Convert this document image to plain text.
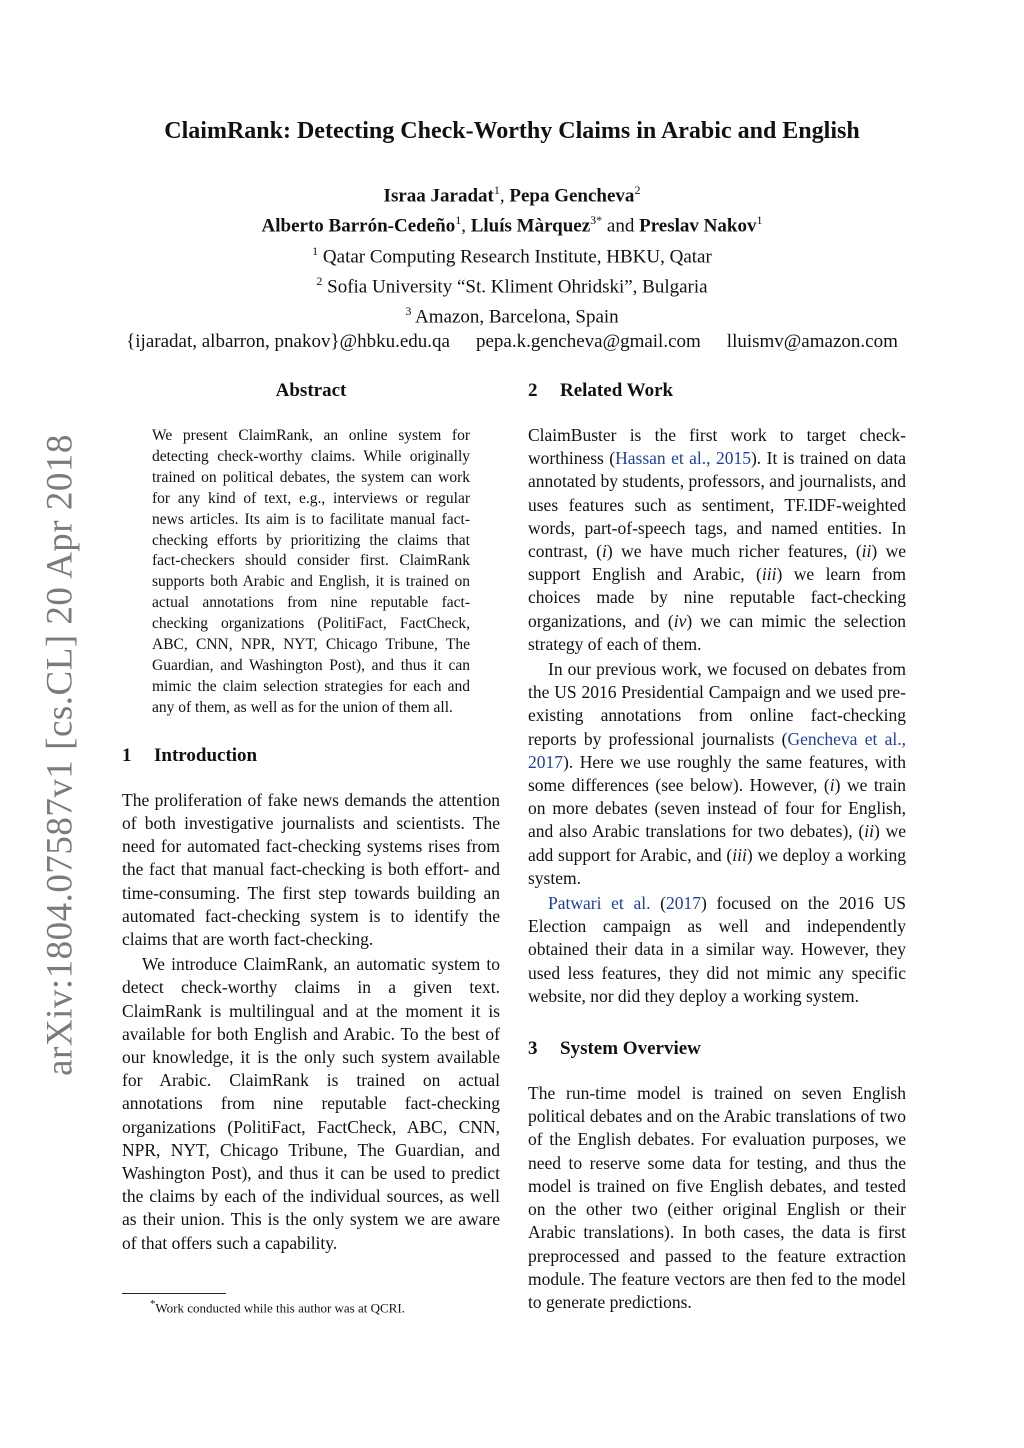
arXiv:1804.07587v1 [cs.CL] 20 Apr 2018
ClaimRank: Detecting Check-Worthy Claims in Arabic and English
Israa Jaradat$^1$, Pepa Gencheva$^2$
Alberto Barrón-Cedeño$^1$, Lluís Màrquez$^{3*}$ and Preslav Nakov$^1$
$^1$ Qatar Computing Research Institute, HBKU, Qatar
$^2$ Sofia University “St. Kliment Ohridski”, Bulgaria
$^3$ Amazon, Barcelona, Spain
{ijaradat, albarron, pnakov}@hbku.edu.qa pepa.k.gencheva@gmail.com lluismv@amazon.com
Abstract
We present ClaimRank, an online system for detecting check-worthy claims. While originally trained on political debates, the system can work for any kind of text, e.g., interviews or regular news articles. Its aim is to facilitate manual fact-checking efforts by prioritizing the claims that fact-checkers should consider first. ClaimRank supports both Arabic and English, it is trained on actual annotations from nine reputable fact-checking organizations (PolitiFact, FactCheck, ABC, CNN, NPR, NYT, Chicago Tribune, The Guardian, and Washington Post), and thus it can mimic the claim selection strategies for each and any of them, as well as for the union of them all.
1 Introduction

The proliferation of fake news demands the attention of both investigative journalists and scientists. The need for automated fact-checking systems rises from the fact that manual fact-checking is both effort- and time-consuming. The first step towards building an automated fact-checking system is to identify the claims that are worth fact-checking.

We introduce ClaimRank, an automatic system to detect check-worthy claims in a given text. ClaimRank is multilingual and at the moment it is available for both English and Arabic. To the best of our knowledge, it is the only such system available for Arabic. ClaimRank is trained on actual annotations from nine reputable fact-checking organizations (PolitiFact, FactCheck, ABC, CNN, NPR, NYT, Chicago Tribune, The Guardian, and Washington Post), and thus it can be used to predict the claims by each of the individual sources, as well as their union. This is the only system we are aware of that offers such a capability.

*Work conducted while this author was at QCRI.
2 Related Work

ClaimBuster is the first work to target check-worthiness (Hassan et al., 2015). It is trained on data annotated by students, professors, and journalists, and uses features such as sentiment, TF.IDF-weighted words, part-of-speech tags, and named entities. In contrast, (i) we have much richer features, (ii) we support English and Arabic, (iii) we learn from choices made by nine reputable fact-checking organizations, and (iv) we can mimic the selection strategy of each of them.

In our previous work, we focused on debates from the US 2016 Presidential Campaign and we used pre-existing annotations from online fact-checking reports by professional journalists (Gencheva et al., 2017). Here we use roughly the same features, with some differences (see below). However, (i) we train on more debates (seven instead of four for English, and also Arabic translations for two debates), (ii) we add support for Arabic, and (iii) we deploy a working system.

Patwari et al. (2017) focused on the 2016 US Election campaign as well and independently obtained their data in a similar way. However, they used less features, they did not mimic any specific website, nor did they deploy a working system.

3 System Overview

The run-time model is trained on seven English political debates and on the Arabic translations of two of the English debates. For evaluation purposes, we need to reserve some data for testing, and thus the model is trained on five English debates, and tested on the other two (either original English or their Arabic translations). In both cases, the data is first preprocessed and passed to the feature extraction module. The feature vectors are then fed to the model to generate predictions.
